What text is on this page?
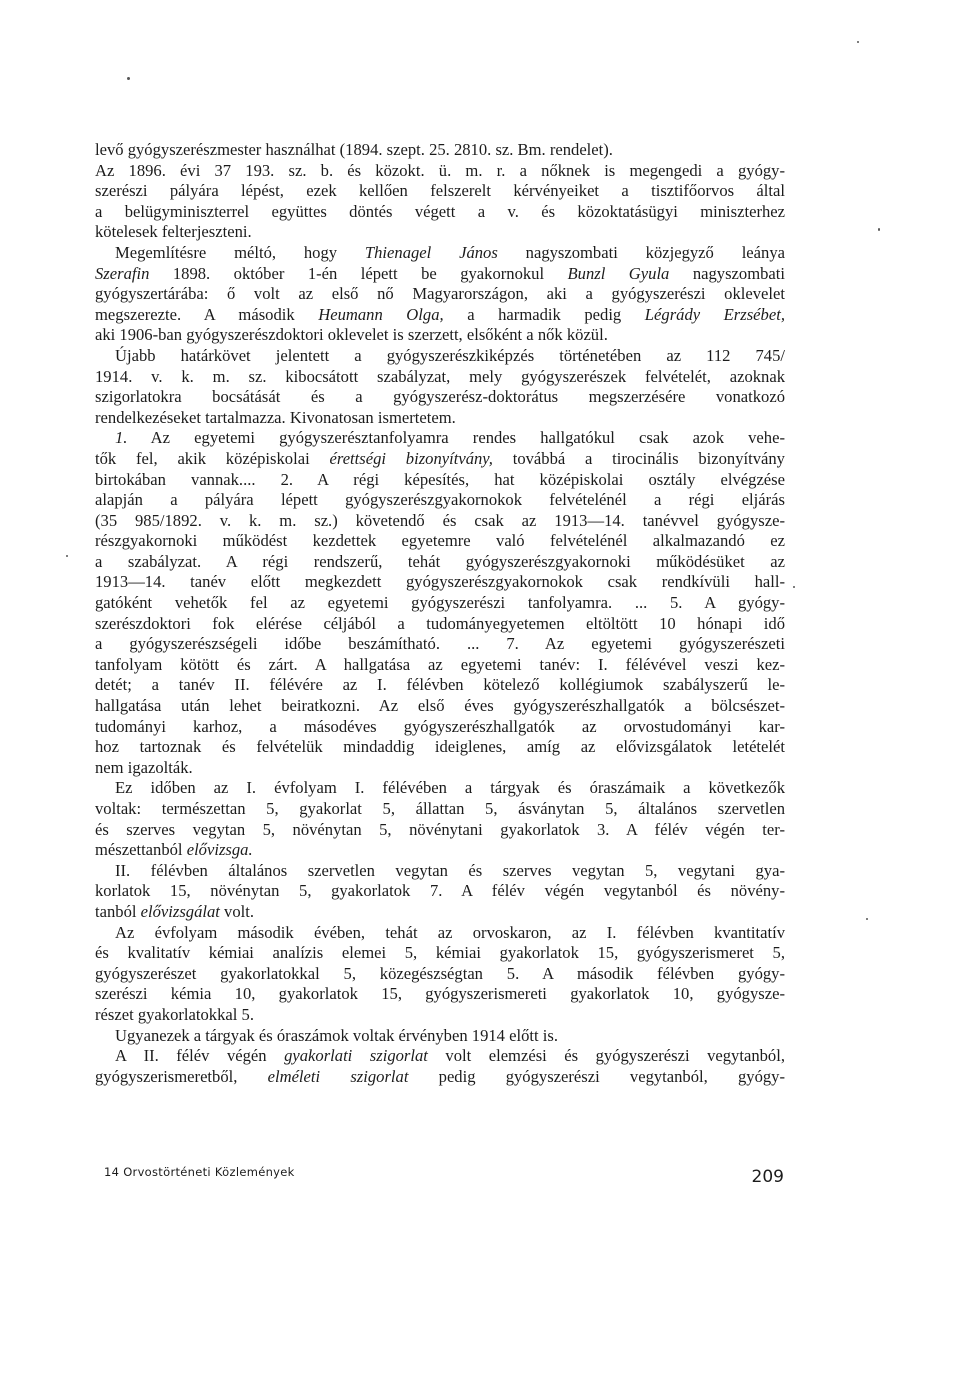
levő gyógyszerészmester használhat (1894. szept. 25. 2810. sz. Bm. rendelet).
Az 1896. évi 37 193. sz. b. és közokt. ü. m. r. a nőknek is megengedi a gyógy-
szerészi pályára lépést, ezek kellően felszerelt kérvényeiket a tisztifőorvos által
a belügyminiszterrel együttes döntés végett a v. és közoktatásügyi miniszterhez
kötelesek felterjeszteni.
Megemlítésre méltó, hogy Thienagel János nagyszombati közjegyző leánya
Szerafin 1898. október 1-én lépett be gyakornokul Bunzl Gyula nagyszombati
gyógyszertárába: ő volt az első nő Magyarországon, aki a gyógyszerészi oklevelet
megszerezte. A második Heumann Olga, a harmadik pedig Légrády Erzsébet,
aki 1906-ban gyógyszerészdoktori oklevelet is szerzett, elsőként a nők közül.
Újabb határkövet jelentett a gyógyszerészkiképzés történetében az 112 745/
1914. v. k. m. sz. kibocsátott szabályzat, mely gyógyszerészek felvételét, azoknak
szigorlatokra bocsátását és a gyógyszerész-doktorátus megszerzésére vonatkozó
rendelkezéseket tartalmazza. Kivonatosan ismertetem.
1. Az egyetemi gyógyszerésztanfolyamra rendes hallgatókul csak azok vehe-
tők fel, akik középiskolai érettségi bizonyítvány, továbbá a tirocinális bizonyítvány
birtokában vannak.... 2. A régi képesítés, hat középiskolai osztály elvégzése
alapján a pályára lépett gyógyszerészgyakornokok felvételénél a régi eljárás
(35 985/1892. v. k. m. sz.) követendő és csak az 1913—14. tanévvel gyógysze-
részgyakornoki működést kezdettek egyetemre való felvételénél alkalmazandó ez
a szabályzat. A régi rendszerű, tehát gyógyszerészgyakornoki működésüket az
1913—14. tanév előtt megkezdett gyógyszerészgyakornokok csak rendkívüli hall-
gatóként vehetők fel az egyetemi gyógyszerészi tanfolyamra. ... 5. A gyógy-
szerészdoktori fok elérése céljából a tudományegyetemen eltöltött 10 hónapi idő
a gyógyszerészségeli időbe beszámítható. ... 7. Az egyetemi gyógyszerészeti
tanfolyam kötött és zárt. A hallgatása az egyetemi tanév: I. félévével veszi kez-
detét; a tanév II. félévére az I. félévben kötelező kollégiumok szabályszerű le-
hallgatása után lehet beiratkozni. Az első éves gyógyszerészhallgatók a bölcsészet-
tudományi karhoz, a másodéves gyógyszerészhallgatók az orvostudományi kar-
hoz tartoznak és felvételük mindaddig ideiglenes, amíg az elővizsgálatok letételét
nem igazolták.
Ez időben az I. évfolyam I. félévében a tárgyak és óraszámaik a következők
voltak: természettan 5, gyakorlat 5, állattan 5, ásványtan 5, általános szervetlen
és szerves vegytan 5, növénytan 5, növénytani gyakorlatok 3. A félév végén ter-
mészettanból elővizsga.
II. félévben általános szervetlen vegytan és szerves vegytan 5, vegytani gya-
korlatok 15, növénytan 5, gyakorlatok 7. A félév végén vegytanból és növény-
tanból elővizsgálat volt.
Az évfolyam második évében, tehát az orvoskaron, az I. félévben kvantitatív
és kvalitatív kémiai analízis elemei 5, kémiai gyakorlatok 15, gyógyszerismeret 5,
gyógyszerészet gyakorlatokkal 5, közegészségtan 5. A második félévben gyógy-
szerészi kémia 10, gyakorlatok 15, gyógyszerismereti gyakorlatok 10, gyógysze-
részet gyakorlatokkal 5.
Ugyanezek a tárgyak és óraszámok voltak érvényben 1914 előtt is.
A II. félév végén gyakorlati szigorlat volt elemzési és gyógyszerészi vegytanból,
gyógyszerismeretből, elméleti szigorlat pedig gyógyszerészi vegytanból, gyógy-
14 Orvostörténeti Közlemények	209
